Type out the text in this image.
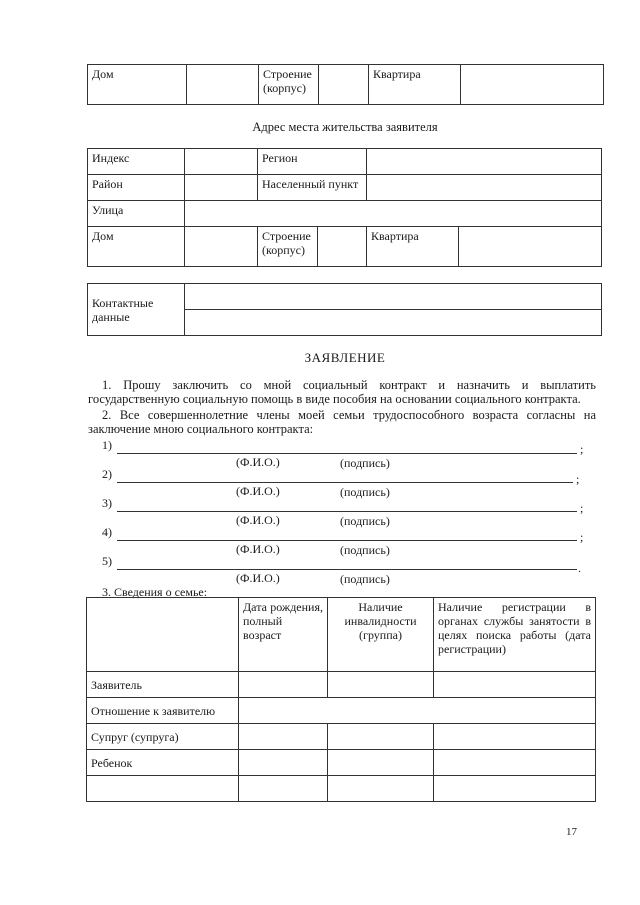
Дом		Строение (корпус)		Квартира	
Адрес места жительства заявителя
Индекс		Регион			
Район		Населенный пункт			
Улица					
Дом		Строение (корпус)		Квартира	
Контактные данные	

ЗАЯВЛЕНИЕ
1. Прошу заключить со мной социальный контракт и назначить и выплатить государственную социальную помощь в виде пособия на основании социального контракта.
2. Все совершеннолетние члены моей семьи трудоспособного возраста согласны на заключение мною социального контракта:
1)	;
(Ф.И.О.)	(подпись)
2)	;
(Ф.И.О.)	(подпись)
3)	;
(Ф.И.О.)	(подпись)
4)	;
(Ф.И.О.)	(подпись)
5)	.
(Ф.И.О.)	(подпись)
3. Сведения о семье:
	Дата рождения, полный возраст	Наличие инвалидности (группа)	Наличие регистрации в органах службы занятости в целях поиска работы (дата регистрации)
Заявитель			
Отношение к заявителю			
Супруг (супруга)			
Ребенок			

17
